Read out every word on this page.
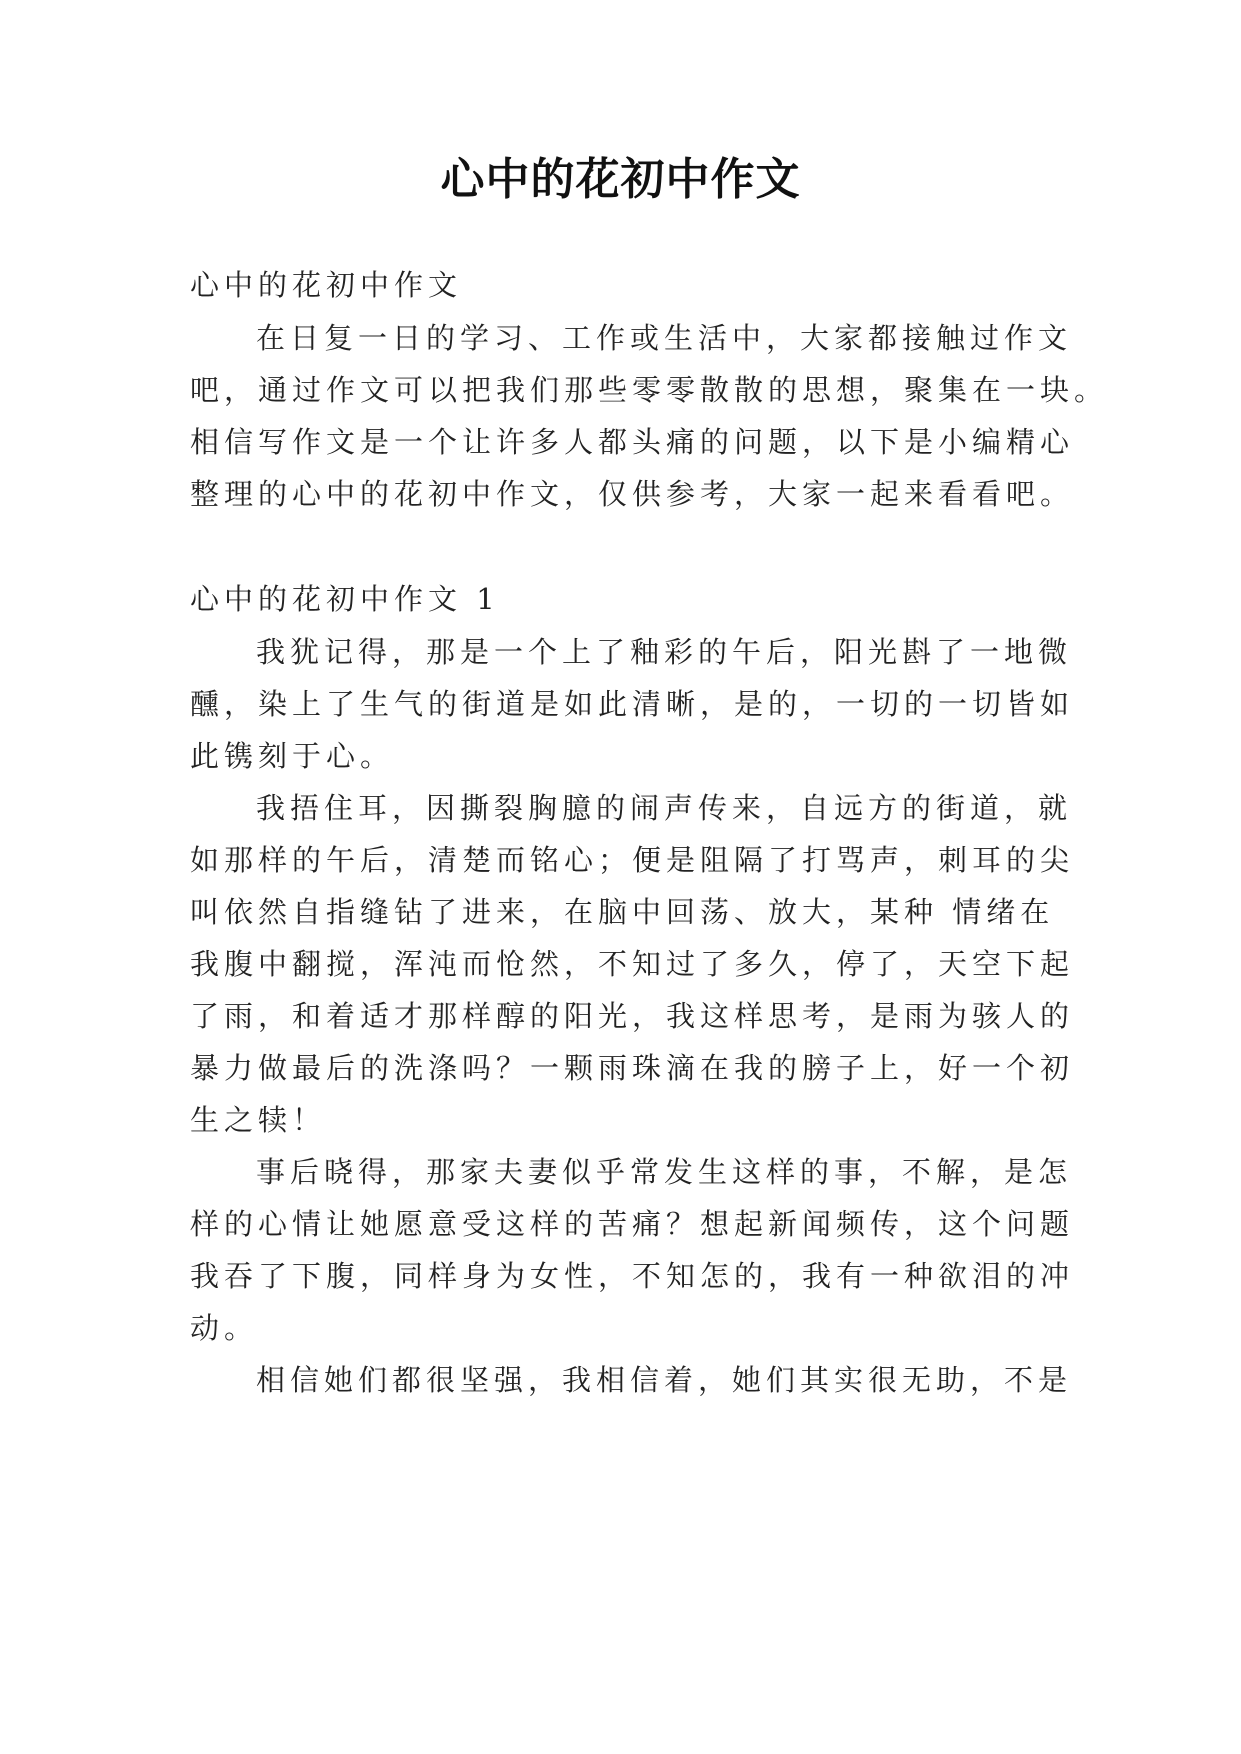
心中的花初中作文
心中的花初中作文
在日复一日的学习、工作或生活中，大家都接触过作文
吧，通过作文可以把我们那些零零散散的思想，聚集在一块。
相信写作文是一个让许多人都头痛的问题，以下是小编精心
整理的心中的花初中作文，仅供参考，大家一起来看看吧。
心中的花初中作文 1
我犹记得，那是一个上了釉彩的午后，阳光斟了一地微
醺，染上了生气的街道是如此清晰，是的，一切的一切皆如
此镌刻于心。
我捂住耳，因撕裂胸臆的闹声传来，自远方的街道，就
如那样的午后，清楚而铭心；便是阻隔了打骂声，刺耳的尖
叫依然自指缝钻了进来，在脑中回荡、放大，某种 情绪在
我腹中翻搅，浑沌而怆然，不知过了多久，停了，天空下起
了雨，和着适才那样醇的阳光，我这样思考，是雨为骇人的
暴力做最后的洗涤吗？一颗雨珠滴在我的膀子上，好一个初
生之犊！
事后晓得，那家夫妻似乎常发生这样的事，不解，是怎
样的心情让她愿意受这样的苦痛？想起新闻频传，这个问题
我吞了下腹，同样身为女性，不知怎的，我有一种欲泪的冲
动。
相信她们都很坚强，我相信着，她们其实很无助，不是
